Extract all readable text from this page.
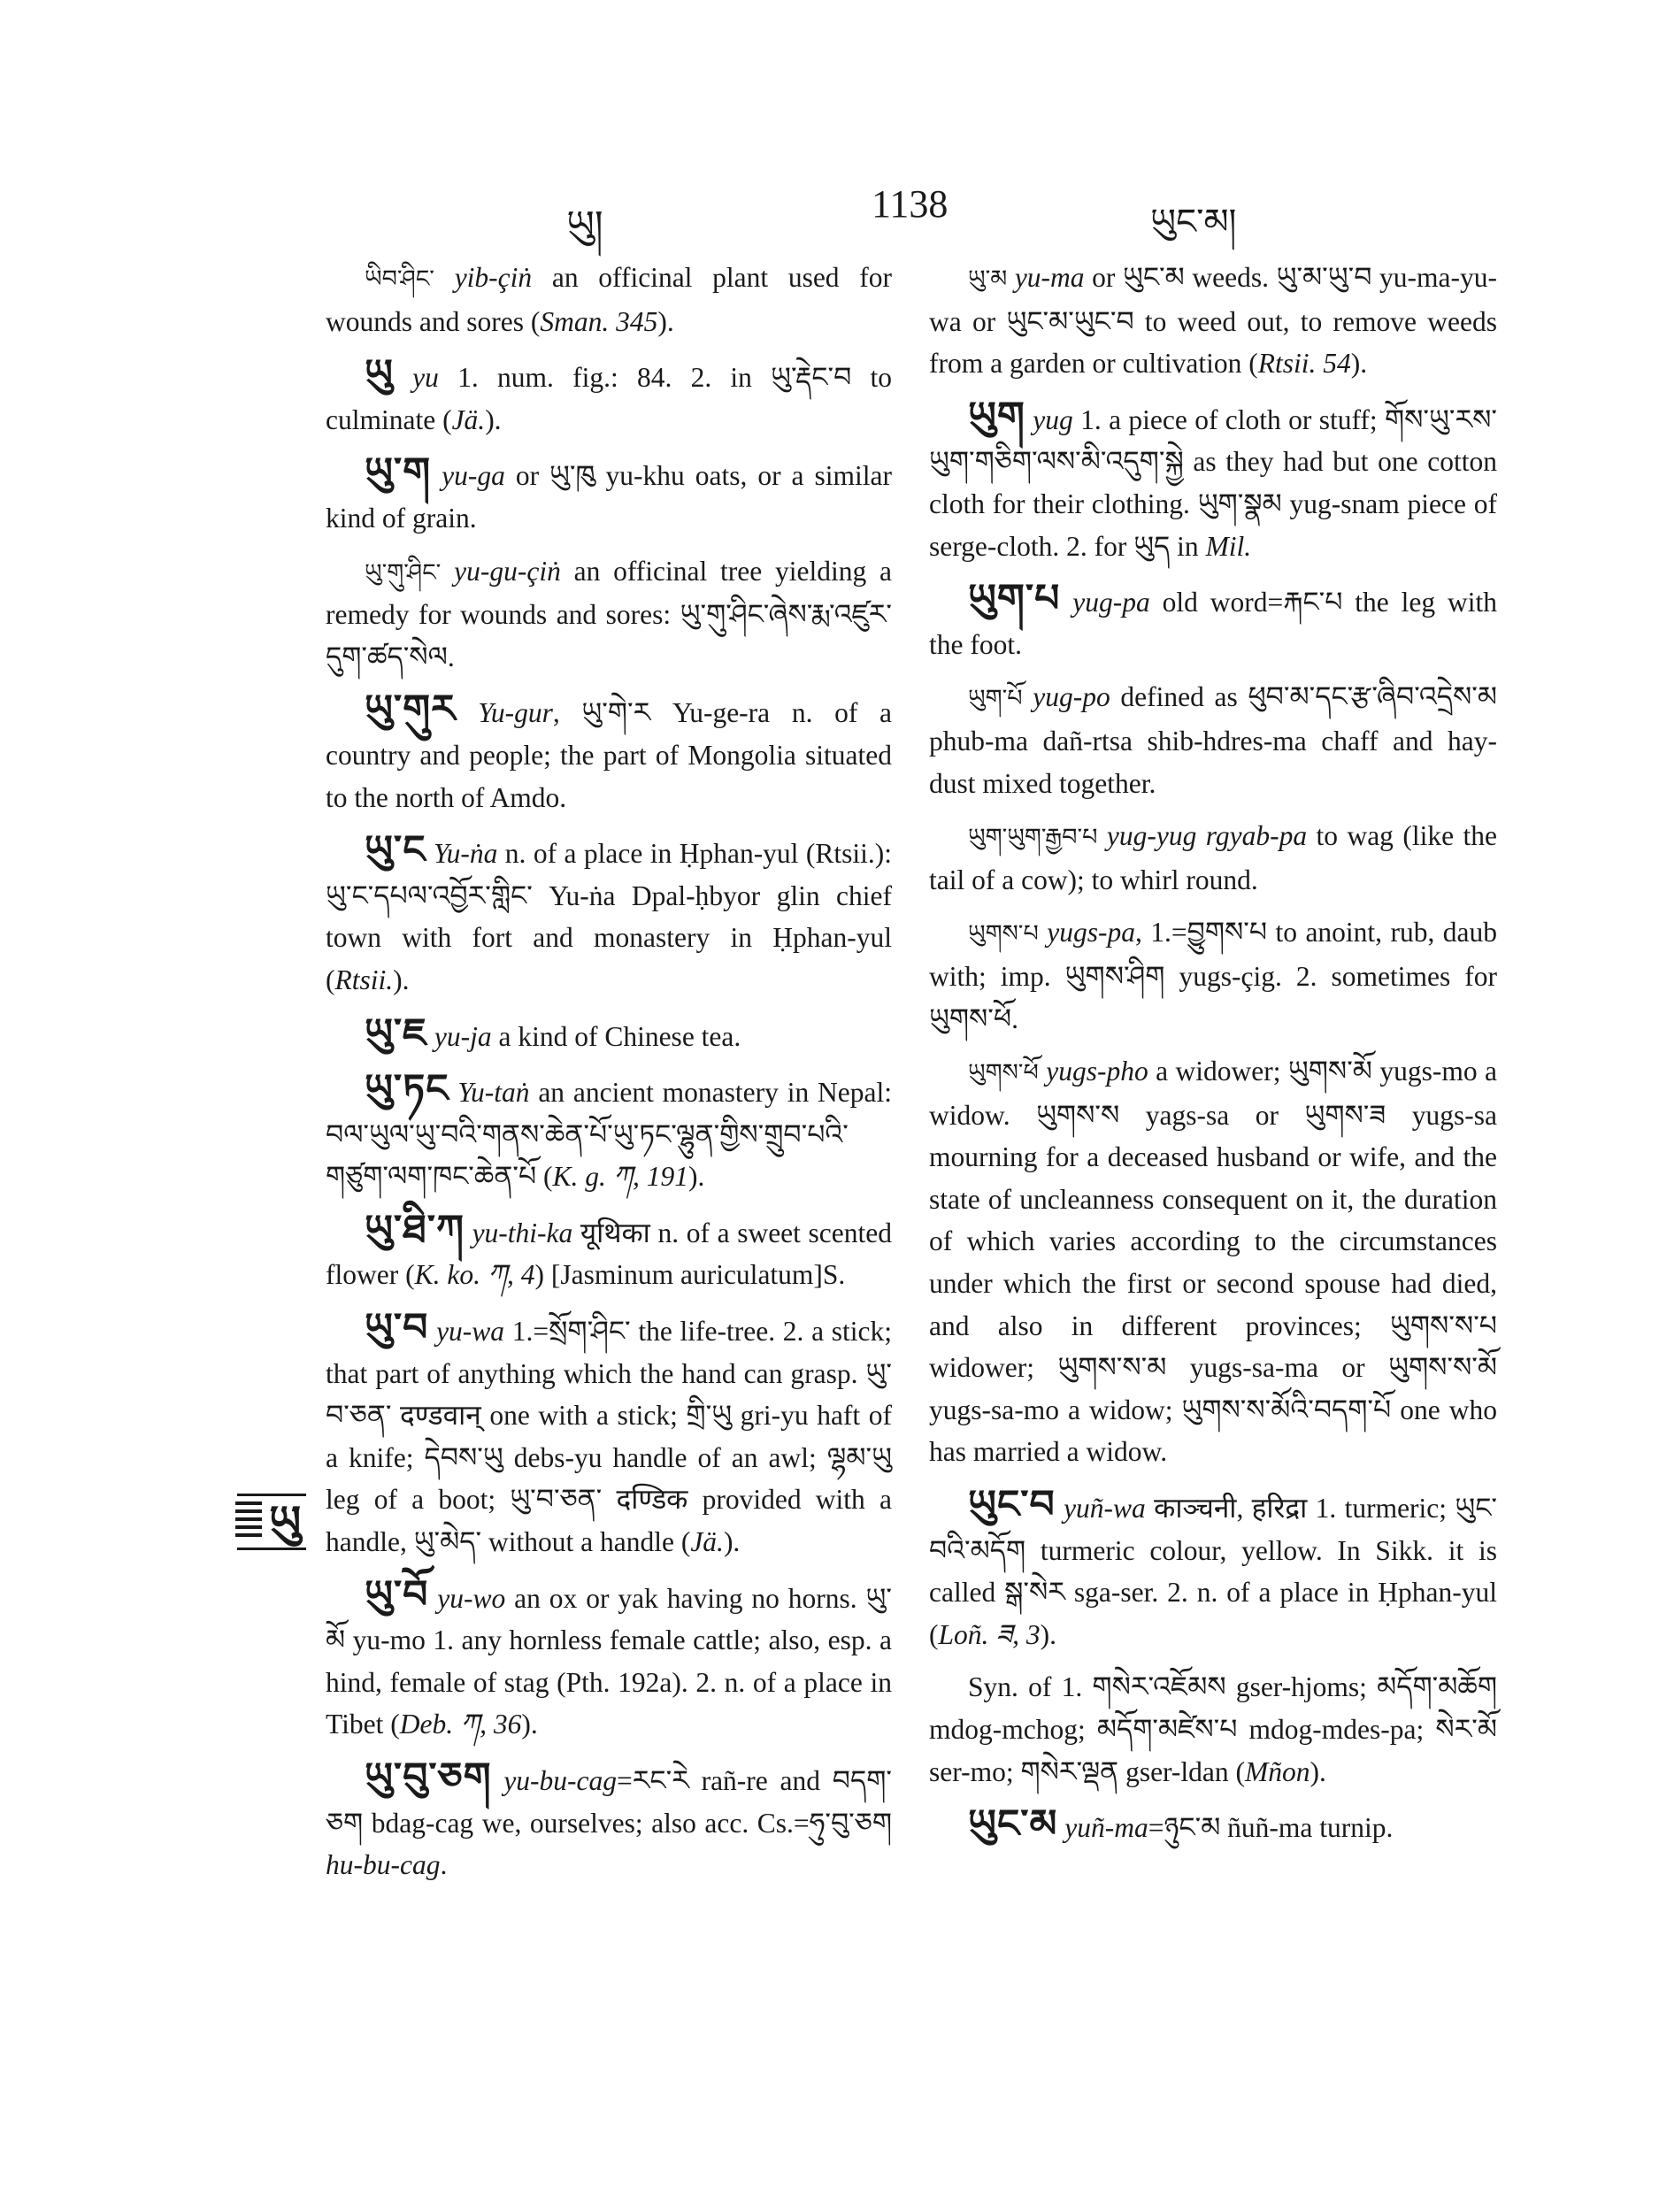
ཡུ།	1138	ཡུང་མ།

ཡིབ་ཤིང་ yib-çiṅ an officinal plant used for wounds and sores (Sman. 345).

ཡུ yu 1. num. fig.: 84. 2. in ཡུ་རྡེང་བ to culminate (Jä.).

ཡུ་ག yu-ga or ཡུ་ཁུ yu-khu oats, or a similar kind of grain.

ཡུ་གུ་ཤིང་ yu-gu-çiṅ an officinal tree yielding a remedy for wounds and sores: ཡུ་གུ་ཤིང་ཞེས་རྨ་འཛུར་དུག་ཚད་སེལ.

ཡུ་གུར Yu-gur, ཡུ་གེ་ར Yu-ge-ra n. of a country and people; the part of Mongolia situated to the north of Amdo.

ཡུ་ང Yu-ṅa n. of a place in Ḥphan-yul (Rtsii.): ཡུ་ང་དཔལ་འབྱོར་གླིང་ Yu-ṅa Dpal-ḥbyor glin chief town with fort and monastery in Ḥphan-yul (Rtsii.).

ཡུ་ཇ yu-ja a kind of Chinese tea.

ཡུ་ཏང Yu-taṅ an ancient monastery in Nepal: བལ་ཡུལ་ཡུ་བའི་གནས་ཆེན་པོ་ཡུ་ཏང་ལྷུན་གྱིས་གྲུབ་པའི་གཙུག་ལག་ཁང་ཆེན་པོ (K. g. ཀ, 191).

ཡུ་ཐི་ཀ yu-thi-ka यूथिका n. of a sweet scented flower (K. ko. ཀ, 4) [Jasminum auriculatum]S.

ཡུ་བ yu-wa 1.=སྲོག་ཤིང་ the life-tree. 2. a stick; that part of anything which the hand can grasp. ཡུ་བ་ཅན་ दण्डवान् one with a stick; གྲི་ཡུ gri-yu haft of a knife; དེབས་ཡུ debs-yu handle of an awl; ལྷམ་ཡུ leg of a boot; ཡུ་བ་ཅན་ दण्डिक provided with a handle, ཡུ་མེད་ without a handle (Jä.).

ཡུ་བོ yu-wo an ox or yak having no horns. ཡུ་མོ yu-mo 1. any hornless female cattle; also, esp. a hind, female of stag (Pth. 192a). 2. n. of a place in Tibet (Deb. ཀ, 36).

ཡུ་བུ་ཅག yu-bu-cag=རང་རེ rañ-re and བདག་ཅག bdag-cag we, ourselves; also acc. Cs.=ཧུ་བུ་ཅག hu-bu-cag.

ཡུ་མ yu-ma or ཡུང་མ weeds. ཡུ་མ་ཡུ་བ yu-ma-yu-wa or ཡུང་མ་ཡུང་བ to weed out, to remove weeds from a garden or cultivation (Rtsii. 54).

ཡུག yug 1. a piece of cloth or stuff; གོས་ཡུ་རས་ཡུག་གཅིག་ལས་མི་འདུག་སྐྱེ as they had but one cotton cloth for their clothing. ཡུག་སྣམ yug-snam piece of serge-cloth. 2. for ཡུད in Mil.

ཡུག་པ yug-pa old word=རྐང་པ the leg with the foot.

ཡུག་པོ yug-po defined as ཕུབ་མ་དང་རྩ་ཞིབ་འདྲེས་མ phub-ma dañ-rtsa shib-hdres-ma chaff and hay-dust mixed together.

ཡུག་ཡུག་རྒྱབ་པ yug-yug rgyab-pa to wag (like the tail of a cow); to whirl round.

ཡུགས་པ yugs-pa, 1.=བྱུགས་པ to anoint, rub, daub with; imp. ཡུགས་ཤིག yugs-çig. 2. sometimes for ཡུགས་ཕོ.

ཡུགས་ཕོ yugs-pho a widower; ཡུགས་མོ yugs-mo a widow. ཡུགས་ས yags-sa or ཡུགས་ཟ yugs-sa mourning for a deceased husband or wife, and the state of uncleanness consequent on it, the duration of which varies according to the circumstances under which the first or second spouse had died, and also in different provinces; ཡུགས་ས་པ widower; ཡུགས་ས་མ yugs-sa-ma or ཡུགས་ས་མོ yugs-sa-mo a widow; ཡུགས་ས་མོའི་བདག་པོ one who has married a widow.

ཡུང་བ yuñ-wa काञ्चनी, हरिद्रा 1. turmeric; ཡུང་བའི་མདོག turmeric colour, yellow. In Sikk. it is called སྒ་སེར sga-ser. 2. n. of a place in Ḥphan-yul (Loñ. ཟ, 3).

Syn. of 1. གསེར་འཇོམས gser-hjoms; མདོག་མཆོག mdog-mchog; མདོག་མཛེས་པ mdog-mdes-pa; སེར་མོ ser-mo; གསེར་ལྡན gser-ldan (Mñon).

ཡུང་མ yuñ-ma=ཉུང་མ ñuñ-ma turnip.

ཡུ
